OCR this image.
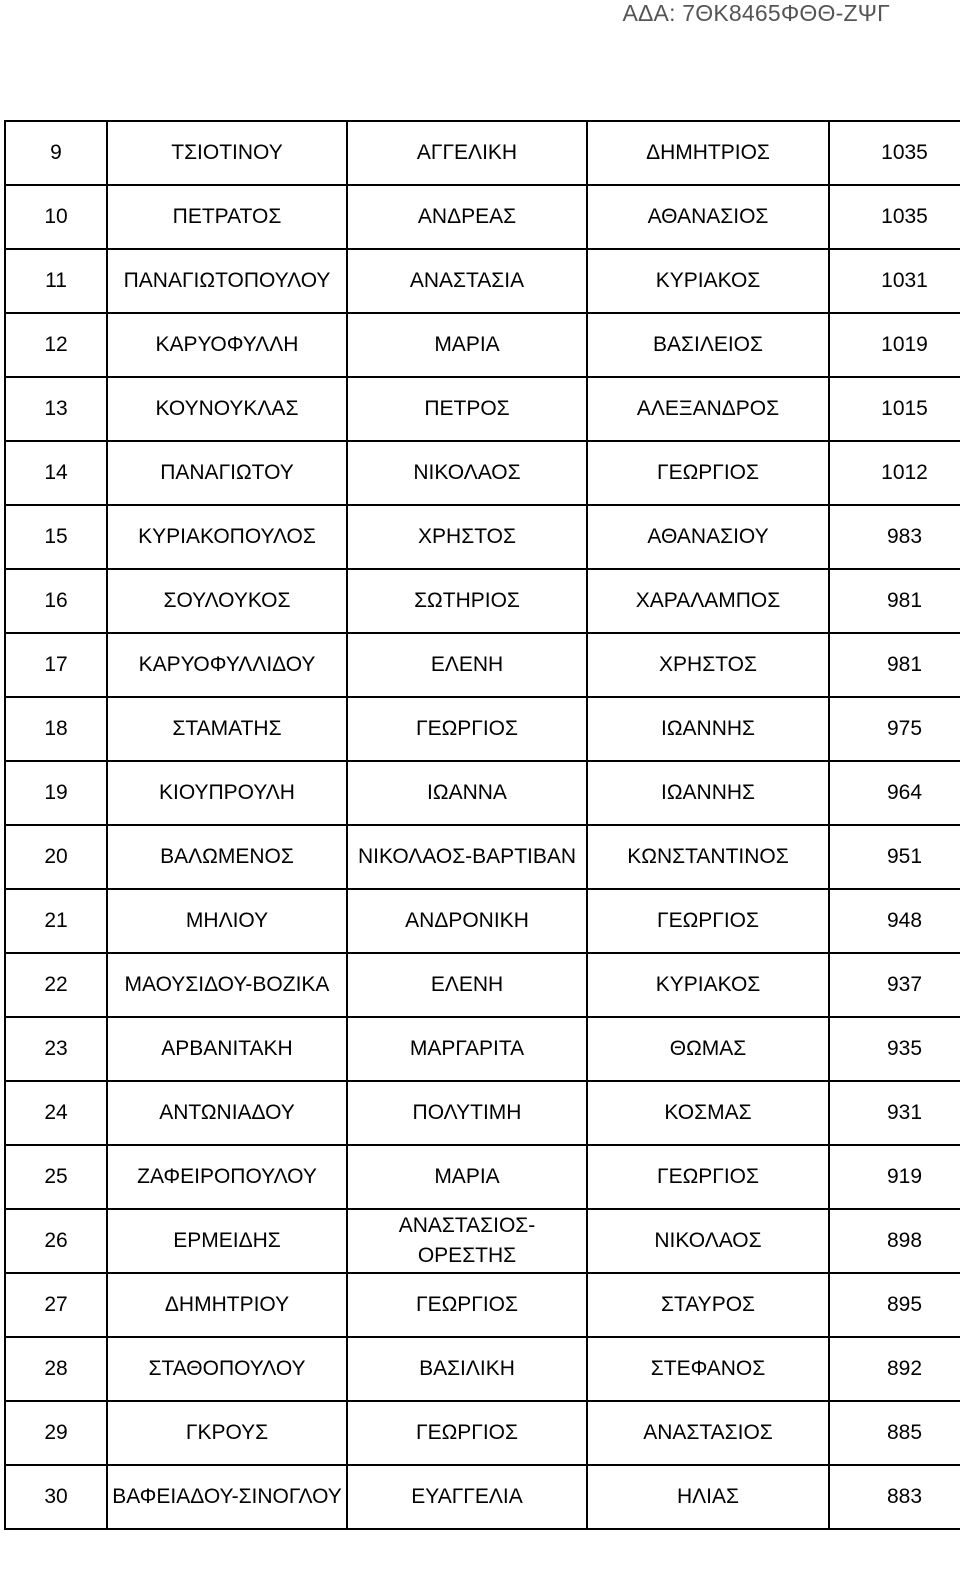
ΑΔΑ: 7ΘΚ8465ΦΘΘ-ΖΨΓ
9	ΤΣΙΟΤΙΝΟΥ	ΑΓΓΕΛΙΚΗ	ΔΗΜΗΤΡΙΟΣ	1035
10	ΠΕΤΡΑΤΟΣ	ΑΝΔΡΕΑΣ	ΑΘΑΝΑΣΙΟΣ	1035
11	ΠΑΝΑΓΙΩΤΟΠΟΥΛΟΥ	ΑΝΑΣΤΑΣΙΑ	ΚΥΡΙΑΚΟΣ	1031
12	ΚΑΡΥΟΦΥΛΛΗ	ΜΑΡΙΑ	ΒΑΣΙΛΕΙΟΣ	1019
13	ΚΟΥΝΟΥΚΛΑΣ	ΠΕΤΡΟΣ	ΑΛΕΞΑΝΔΡΟΣ	1015
14	ΠΑΝΑΓΙΩΤΟΥ	ΝΙΚΟΛΑΟΣ	ΓΕΩΡΓΙΟΣ	1012
15	ΚΥΡΙΑΚΟΠΟΥΛΟΣ	ΧΡΗΣΤΟΣ	ΑΘΑΝΑΣΙΟΥ	983
16	ΣΟΥΛΟΥΚΟΣ	ΣΩΤΗΡΙΟΣ	ΧΑΡΑΛΑΜΠΟΣ	981
17	ΚΑΡΥΟΦΥΛΛΙΔΟΥ	ΕΛΕΝΗ	ΧΡΗΣΤΟΣ	981
18	ΣΤΑΜΑΤΗΣ	ΓΕΩΡΓΙΟΣ	ΙΩΑΝΝΗΣ	975
19	ΚΙΟΥΠΡΟΥΛΗ	ΙΩΑΝΝΑ	ΙΩΑΝΝΗΣ	964
20	ΒΑΛΩΜΕΝΟΣ	ΝΙΚΟΛΑΟΣ-ΒΑΡΤΙΒΑΝ	ΚΩΝΣΤΑΝΤΙΝΟΣ	951
21	ΜΗΛΙΟΥ	ΑΝΔΡΟΝΙΚΗ	ΓΕΩΡΓΙΟΣ	948
22	ΜΑΟΥΣΙΔΟΥ-ΒΟΖΙΚΑ	ΕΛΕΝΗ	ΚΥΡΙΑΚΟΣ	937
23	ΑΡΒΑΝΙΤΑΚΗ	ΜΑΡΓΑΡΙΤΑ	ΘΩΜΑΣ	935
24	ΑΝΤΩΝΙΑΔΟΥ	ΠΟΛΥΤΙΜΗ	ΚΟΣΜΑΣ	931
25	ΖΑΦΕΙΡΟΠΟΥΛΟΥ	ΜΑΡΙΑ	ΓΕΩΡΓΙΟΣ	919
26	ΕΡΜΕΙΔΗΣ	ΑΝΑΣΤΑΣΙΟΣ-ΟΡΕΣΤΗΣ	ΝΙΚΟΛΑΟΣ	898
27	ΔΗΜΗΤΡΙΟΥ	ΓΕΩΡΓΙΟΣ	ΣΤΑΥΡΟΣ	895
28	ΣΤΑΘΟΠΟΥΛΟΥ	ΒΑΣΙΛΙΚΗ	ΣΤΕΦΑΝΟΣ	892
29	ΓΚΡΟΥΣ	ΓΕΩΡΓΙΟΣ	ΑΝΑΣΤΑΣΙΟΣ	885
30	ΒΑΦΕΙΑΔΟΥ-ΣΙΝΟΓΛΟΥ	ΕΥΑΓΓΕΛΙΑ	ΗΛΙΑΣ	883
